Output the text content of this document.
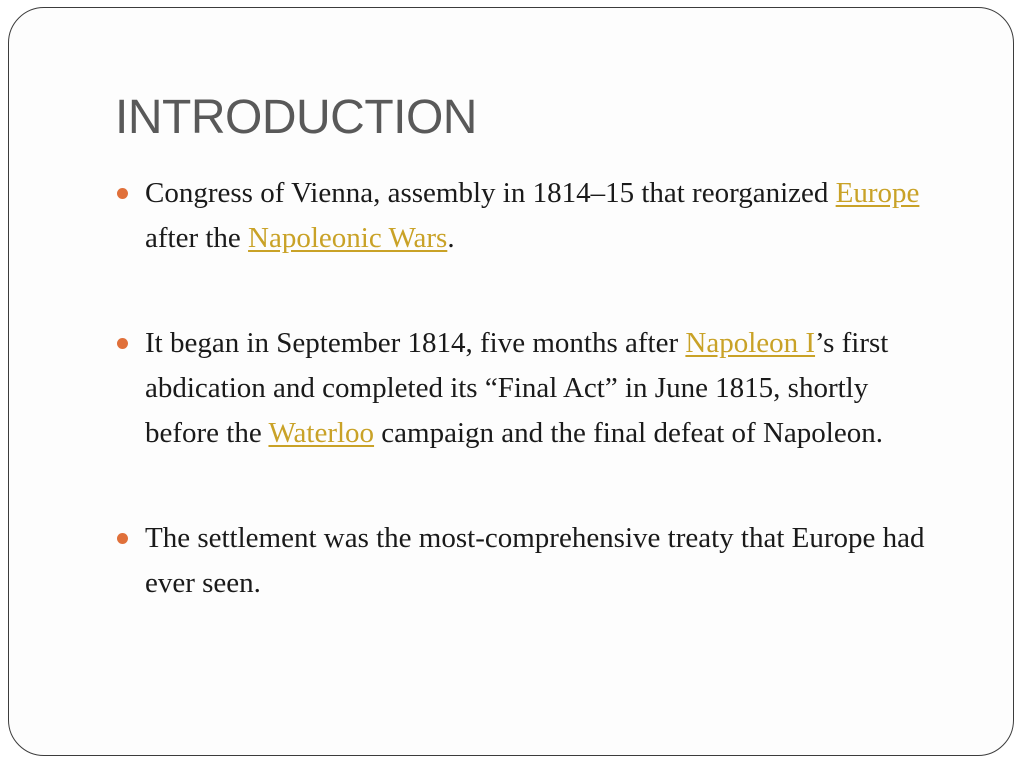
INTRODUCTION
Congress of Vienna, assembly in 1814–15 that reorganized Europe after the Napoleonic Wars.
It began in September 1814, five months after Napoleon I’s first abdication and completed its “Final Act” in June 1815, shortly before the Waterloo campaign and the final defeat of Napoleon.
The settlement was the most-comprehensive treaty that Europe had ever seen.
